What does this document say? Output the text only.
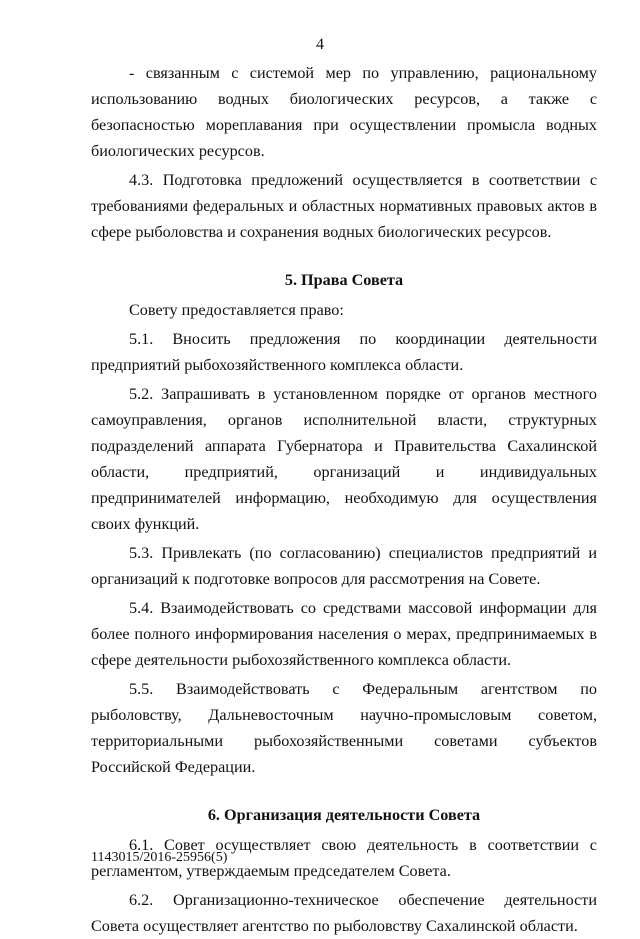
4

- связанным с системой мер по управлению, рациональному использованию водных биологических ресурсов, а также с безопасностью мореплавания при осуществлении промысла водных биологических ресурсов.

4.3. Подготовка предложений осуществляется в соответствии с требованиями федеральных и областных нормативных правовых актов в сфере рыболовства и сохранения водных биологических ресурсов.

5. Права Совета

Совету предоставляется право:

5.1. Вносить предложения по координации деятельности предприятий рыбохозяйственного комплекса области.

5.2. Запрашивать в установленном порядке от органов местного самоуправления, органов исполнительной власти, структурных подразделений аппарата Губернатора и Правительства Сахалинской области, предприятий, организаций и индивидуальных предпринимателей информацию, необходимую для осуществления своих функций.

5.3. Привлекать (по согласованию) специалистов предприятий и организаций к подготовке вопросов для рассмотрения на Совете.

5.4. Взаимодействовать со средствами массовой информации для более полного информирования населения о мерах, предпринимаемых в сфере деятельности рыбохозяйственного комплекса области.

5.5. Взаимодействовать с Федеральным агентством по рыболовству, Дальневосточным научно-промысловым советом, территориальными рыбохозяйственными советами субъектов Российской Федерации.

6. Организация деятельности Совета

6.1. Совет осуществляет свою деятельность в соответствии с регламентом, утверждаемым председателем Совета.

6.2. Организационно-техническое обеспечение деятельности Совета осуществляет агентство по рыболовству Сахалинской области.

1143015/2016-25956(5)
